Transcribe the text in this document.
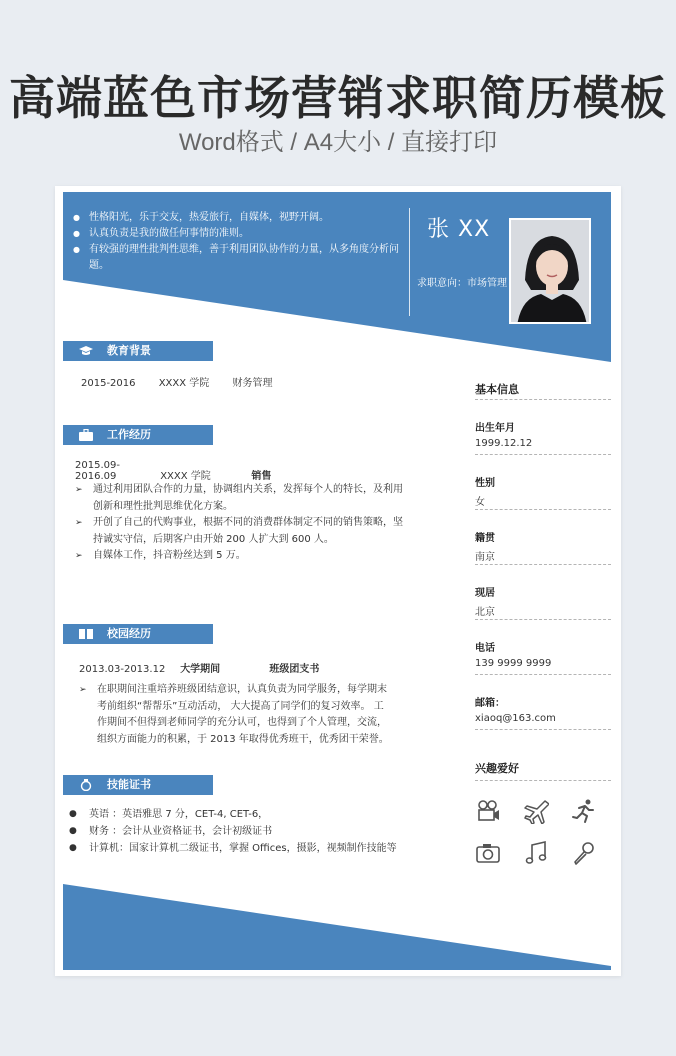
高端蓝色市场营销求职简历模板
Word格式 / A4大小 / 直接打印
● 性格阳光，乐于交友，热爱旅行，自媒体，视野开阔。
● 认真负责是我的做任何事情的准则。
● 有较强的理性批判性思维，善于利用团队协作的力量，从多角度分析问题。
张 XX
求职意向：市场管理
教育背景
2015-2016 XXXX 学院 财务管理
工作经历
2015.09-2016.09	XXXX 学院	销售
➢ 通过利用团队合作的力量，协调组内关系，发挥每个人的特长，及利用创新和理性批判思维优化方案。
➢ 开创了自己的代购事业，根据不同的消费群体制定不同的销售策略，坚持诚实守信，后期客户由开始 200 人扩大到 600 人。
➢ 自媒体工作，抖音粉丝达到 5 万。
校园经历
2013.03-2013.12 大学期间	班级团支书
➢ 在职期间注重培养班级团结意识，认真负责为同学服务，每学期末考前组织“帮帮乐”互动活动， 大大提高了同学们的复习效率。 工作期间不但得到老师同学的充分认可，也得到了个人管理，交流，组织方面能力的积累，于 2013 年取得优秀班干，优秀团干荣誉。
技能证书
● 英语 ：英语雅思 7 分，CET-4, CET-6，
● 财务 ：会计从业资格证书，会计初级证书
● 计算机：国家计算机二级证书，掌握 Offices，摄影，视频制作技能等
基本信息
出生年月
1999.12.12
性别
女
籍贯
南京
现居
北京
电话
139 9999 9999
邮箱：
xiaoq@163.com
兴趣爱好
